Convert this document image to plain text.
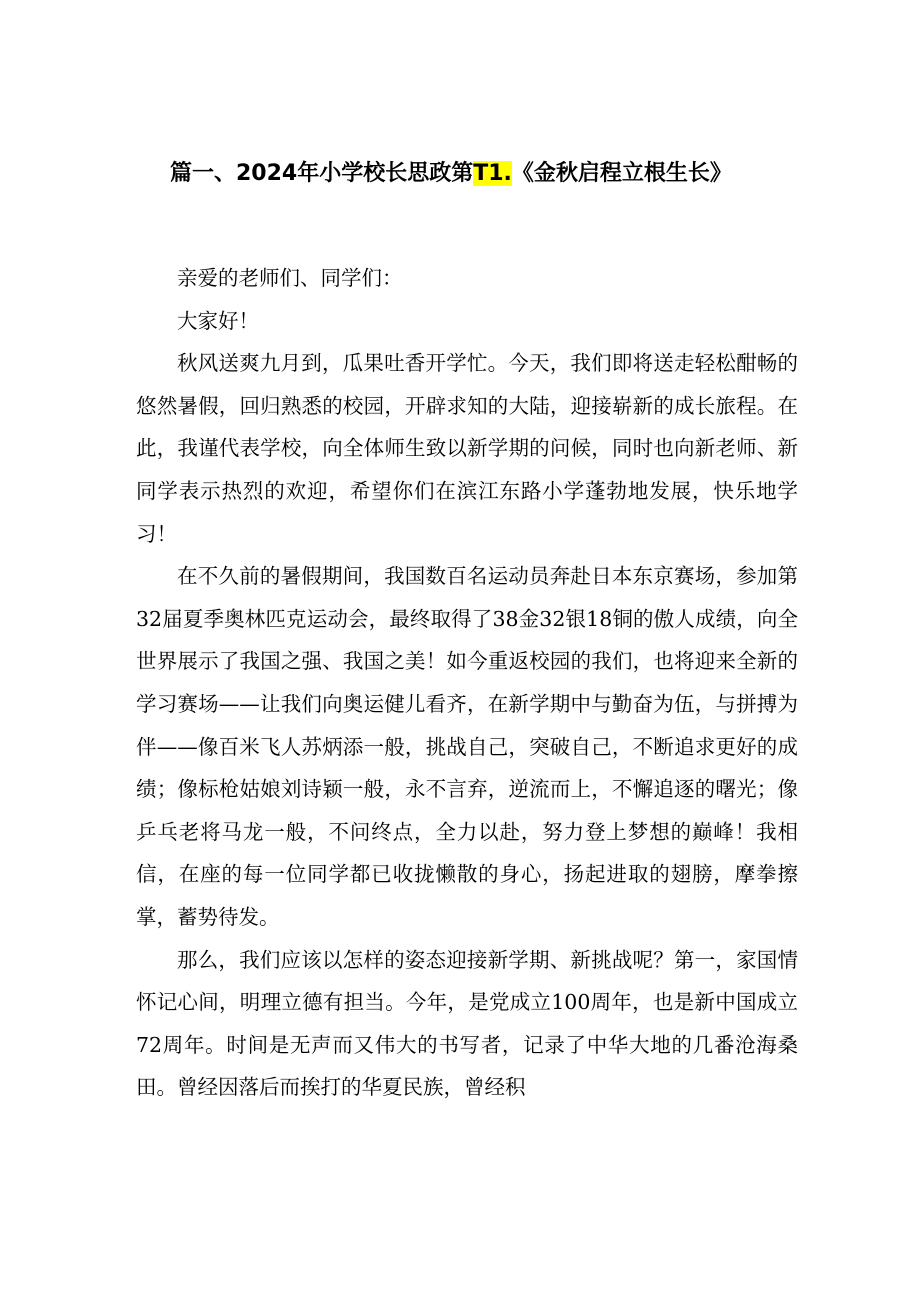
篇一、2024年小学校长思政第T1.《金秋启程立根生长》

亲爱的老师们、同学们：

大家好！

秋风送爽九月到，瓜果吐香开学忙。今天，我们即将送走轻松酣畅的悠然暑假，回归熟悉的校园，开辟求知的大陆，迎接崭新的成长旅程。在此，我谨代表学校，向全体师生致以新学期的问候，同时也向新老师、新同学表示热烈的欢迎，希望你们在滨江东路小学蓬勃地发展，快乐地学习！

在不久前的暑假期间，我国数百名运动员奔赴日本东京赛场，参加第32届夏季奥林匹克运动会，最终取得了38金32银18铜的傲人成绩，向全世界展示了我国之强、我国之美！如今重返校园的我们，也将迎来全新的学习赛场——让我们向奥运健儿看齐，在新学期中与勤奋为伍，与拼搏为伴——像百米飞人苏炳添一般，挑战自己，突破自己，不断追求更好的成绩；像标枪姑娘刘诗颖一般，永不言弃，逆流而上，不懈追逐的曙光；像乒乓老将马龙一般，不问终点，全力以赴，努力登上梦想的巅峰！我相信，在座的每一位同学都已收拢懒散的身心，扬起进取的翅膀，摩拳擦掌，蓄势待发。

那么，我们应该以怎样的姿态迎接新学期、新挑战呢？第一，家国情怀记心间，明理立德有担当。今年，是党成立100周年，也是新中国成立72周年。时间是无声而又伟大的书写者，记录了中华大地的几番沧海桑田。曾经因落后而挨打的华夏民族，曾经积
